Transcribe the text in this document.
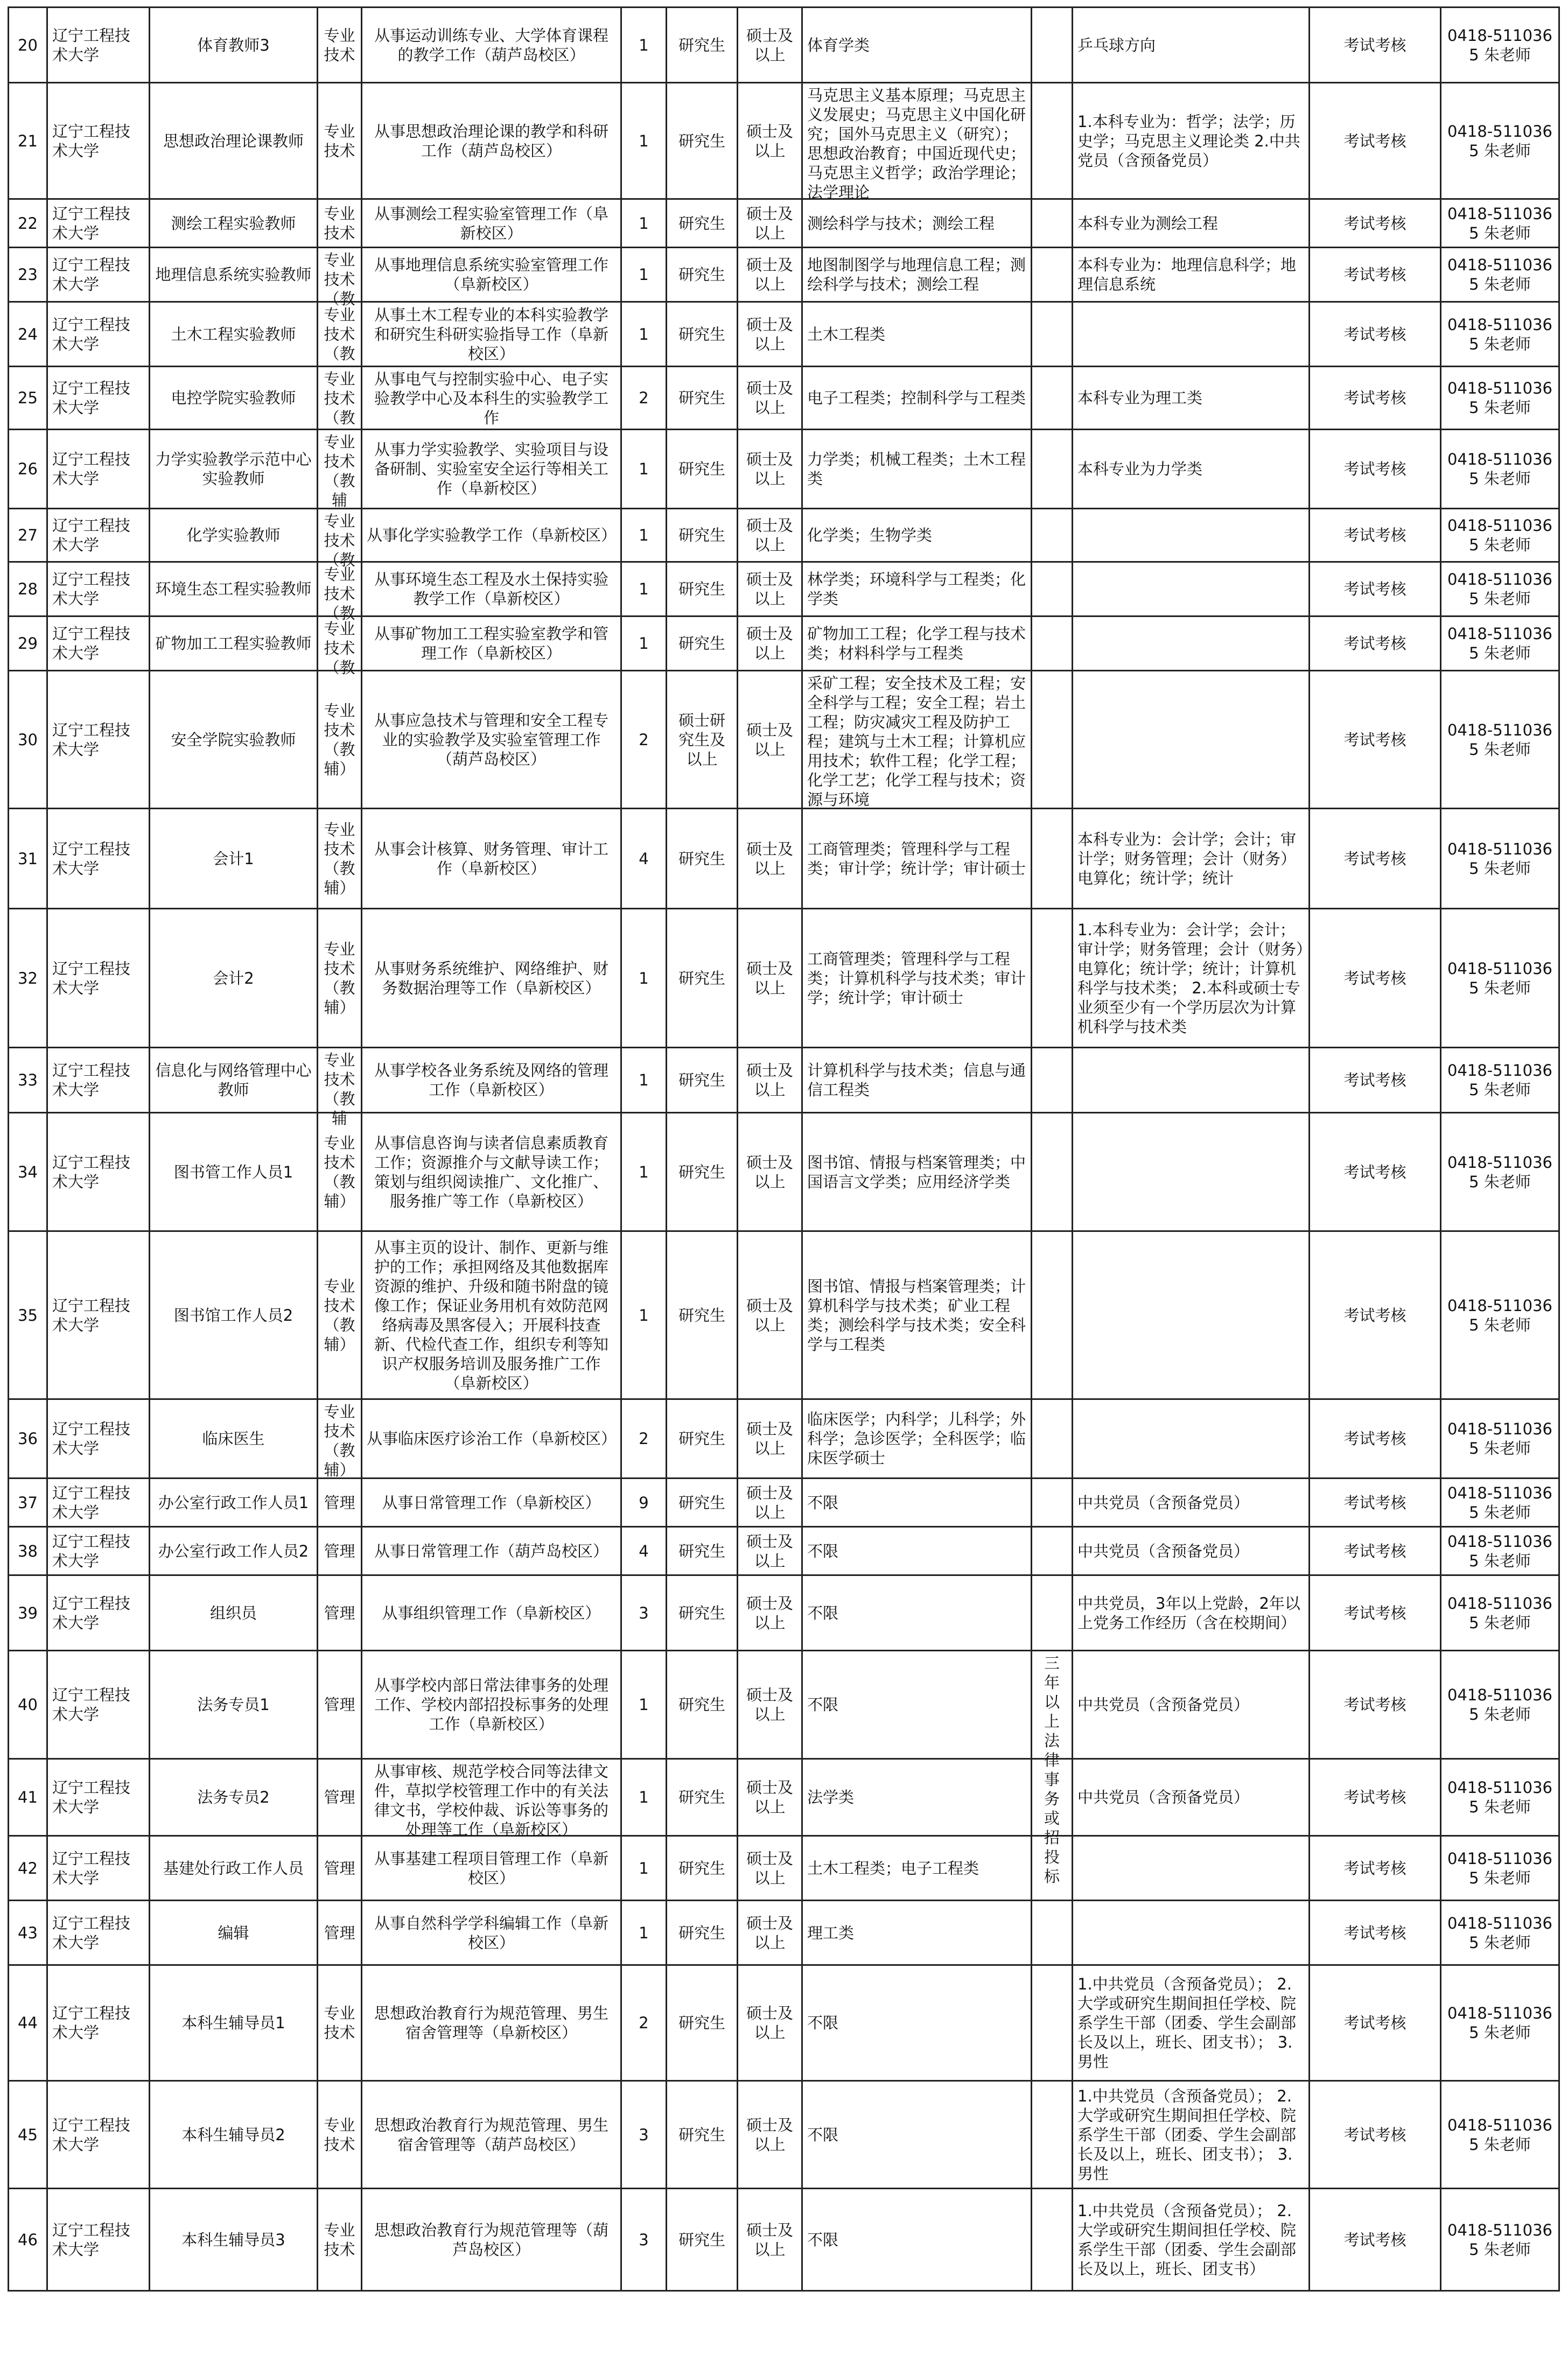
20	辽宁工程技术大学	体育教师3	专业技术	从事运动训练专业、大学体育课程的教学工作（葫芦岛校区）	1	研究生	硕士及以上	体育学类		乒乓球方向	考试考核	0418-5110365 朱老师

21	辽宁工程技术大学	思想政治理论课教师	专业技术	从事思想政治理论课的教学和科研工作（葫芦岛校区）	1	研究生	硕士及以上	马克思主义基本原理；马克思主义发展史；马克思主义中国化研究；国外马克思主义（研究）；思想政治教育；中国近现代史；马克思主义哲学；政治学理论；法学理论		1.本科专业为：哲学；法学；历史学；马克思主义理论类 2.中共党员（含预备党员）	考试考核	0418-5110365 朱老师

22	辽宁工程技术大学	测绘工程实验教师	专业技术	从事测绘工程实验室管理工作（阜新校区）	1	研究生	硕士及以上	测绘科学与技术；测绘工程		本科专业为测绘工程	考试考核	0418-5110365 朱老师

23	辽宁工程技术大学	地理信息系统实验教师	专业技术（教	从事地理信息系统实验室管理工作（阜新校区）	1	研究生	硕士及以上	地图制图学与地理信息工程；测绘科学与技术；测绘工程		本科专业为：地理信息科学；地理信息系统	考试考核	0418-5110365 朱老师

24	辽宁工程技术大学	土木工程实验教师	专业技术（教	从事土木工程专业的本科实验教学和研究生科研实验指导工作（阜新校区）	1	研究生	硕士及以上	土木工程类			考试考核	0418-5110365 朱老师

25	辽宁工程技术大学	电控学院实验教师	专业技术（教	从事电气与控制实验中心、电子实验教学中心及本科生的实验教学工作	2	研究生	硕士及以上	电子工程类；控制科学与工程类		本科专业为理工类	考试考核	0418-5110365 朱老师

26	辽宁工程技术大学	力学实验教学示范中心实验教师	专业技术（教辅	从事力学实验教学、实验项目与设备研制、实验室安全运行等相关工作（阜新校区）	1	研究生	硕士及以上	力学类；机械工程类；土木工程类		本科专业为力学类	考试考核	0418-5110365 朱老师

27	辽宁工程技术大学	化学实验教师	专业技术（教	从事化学实验教学工作（阜新校区）	1	研究生	硕士及以上	化学类；生物学类			考试考核	0418-5110365 朱老师

28	辽宁工程技术大学	环境生态工程实验教师	专业技术（教	从事环境生态工程及水土保持实验教学工作（阜新校区）	1	研究生	硕士及以上	林学类；环境科学与工程类；化学类			考试考核	0418-5110365 朱老师

29	辽宁工程技术大学	矿物加工工程实验教师	专业技术（教	从事矿物加工工程实验室教学和管理工作（阜新校区）	1	研究生	硕士及以上	矿物加工工程；化学工程与技术类；材料科学与工程类			考试考核	0418-5110365 朱老师

30	辽宁工程技术大学	安全学院实验教师	专业技术（教辅）	从事应急技术与管理和安全工程专业的实验教学及实验室管理工作（葫芦岛校区）	2	硕士研究生及以上	硕士及以上	采矿工程；安全技术及工程；安全科学与工程；安全工程；岩土工程；防灾减灾工程及防护工程；建筑与土木工程；计算机应用技术；软件工程；化学工程；化学工艺；化学工程与技术；资源与环境			考试考核	0418-5110365 朱老师

31	辽宁工程技术大学	会计1	专业技术（教辅）	从事会计核算、财务管理、审计工作（阜新校区）	4	研究生	硕士及以上	工商管理类；管理科学与工程类；审计学；统计学；审计硕士		本科专业为：会计学；会计；审计学；财务管理；会计（财务）电算化；统计学；统计	考试考核	0418-5110365 朱老师

32	辽宁工程技术大学	会计2	专业技术（教辅）	从事财务系统维护、网络维护、财务数据治理等工作（阜新校区）	1	研究生	硕士及以上	工商管理类；管理科学与工程类；计算机科学与技术类；审计学；统计学；审计硕士		1.本科专业为：会计学；会计；审计学；财务管理；会计（财务）电算化；统计学；统计；计算机科学与技术类； 2.本科或硕士专业须至少有一个学历层次为计算机科学与技术类	考试考核	0418-5110365 朱老师

33	辽宁工程技术大学	信息化与网络管理中心教师	专业技术（教辅	从事学校各业务系统及网络的管理工作（阜新校区）	1	研究生	硕士及以上	计算机科学与技术类；信息与通信工程类			考试考核	0418-5110365 朱老师

34	辽宁工程技术大学	图书管工作人员1	专业技术（教辅）	从事信息咨询与读者信息素质教育工作；资源推介与文献导读工作；策划与组织阅读推广、文化推广、服务推广等工作（阜新校区）	1	研究生	硕士及以上	图书馆、情报与档案管理类；中国语言文学类；应用经济学类			考试考核	0418-5110365 朱老师

35	辽宁工程技术大学	图书馆工作人员2	专业技术（教辅）	从事主页的设计、制作、更新与维护的工作；承担网络及其他数据库资源的维护、升级和随书附盘的镜像工作；保证业务用机有效防范网络病毒及黑客侵入；开展科技查新、代检代查工作，组织专利等知识产权服务培训及服务推广工作（阜新校区）	1	研究生	硕士及以上	图书馆、情报与档案管理类；计算机科学与技术类；矿业工程类；测绘科学与技术类；安全科学与工程类			考试考核	0418-5110365 朱老师

36	辽宁工程技术大学	临床医生	专业技术（教辅）	从事临床医疗诊治工作（阜新校区）	2	研究生	硕士及以上	临床医学；内科学；儿科学；外科学；急诊医学；全科医学；临床医学硕士			考试考核	0418-5110365 朱老师

37	辽宁工程技术大学	办公室行政工作人员1	管理	从事日常管理工作（阜新校区）	9	研究生	硕士及以上	不限		中共党员（含预备党员）	考试考核	0418-5110365 朱老师

38	辽宁工程技术大学	办公室行政工作人员2	管理	从事日常管理工作（葫芦岛校区）	4	研究生	硕士及以上	不限		中共党员（含预备党员）	考试考核	0418-5110365 朱老师

39	辽宁工程技术大学	组织员	管理	从事组织管理工作（阜新校区）	3	研究生	硕士及以上	不限		中共党员，3年以上党龄，2年以上党务工作经历（含在校期间）	考试考核	0418-5110365 朱老师

40	辽宁工程技术大学	法务专员1	管理	从事学校内部日常法律事务的处理工作、学校内部招投标事务的处理工作（阜新校区）	1	研究生	硕士及以上	不限	三年以上法律事务或招投标	中共党员（含预备党员）	考试考核	0418-5110365 朱老师

41	辽宁工程技术大学	法务专员2	管理	从事审核、规范学校合同等法律文件，草拟学校管理工作中的有关法律文书，学校仲裁、诉讼等事务的处理等工作（阜新校区）	1	研究生	硕士及以上	法学类		中共党员（含预备党员）	考试考核	0418-5110365 朱老师

42	辽宁工程技术大学	基建处行政工作人员	管理	从事基建工程项目管理工作（阜新校区）	1	研究生	硕士及以上	土木工程类；电子工程类			考试考核	0418-5110365 朱老师

43	辽宁工程技术大学	编辑	管理	从事自然科学学科编辑工作（阜新校区）	1	研究生	硕士及以上	理工类			考试考核	0418-5110365 朱老师

44	辽宁工程技术大学	本科生辅导员1	专业技术	思想政治教育行为规范管理、男生宿舍管理等（阜新校区）	2	研究生	硕士及以上	不限		1.中共党员（含预备党员）； 2.大学或研究生期间担任学校、院系学生干部（团委、学生会副部长及以上，班长、团支书）； 3.男性	考试考核	0418-5110365 朱老师

45	辽宁工程技术大学	本科生辅导员2	专业技术	思想政治教育行为规范管理、男生宿舍管理等（葫芦岛校区）	3	研究生	硕士及以上	不限		1.中共党员（含预备党员）； 2.大学或研究生期间担任学校、院系学生干部（团委、学生会副部长及以上，班长、团支书）； 3.男性	考试考核	0418-5110365 朱老师

46	辽宁工程技术大学	本科生辅导员3	专业技术	思想政治教育行为规范管理等（葫芦岛校区）	3	研究生	硕士及以上	不限		1.中共党员（含预备党员）； 2.大学或研究生期间担任学校、院系学生干部（团委、学生会副部长及以上，班长、团支书）	考试考核	0418-5110365 朱老师
